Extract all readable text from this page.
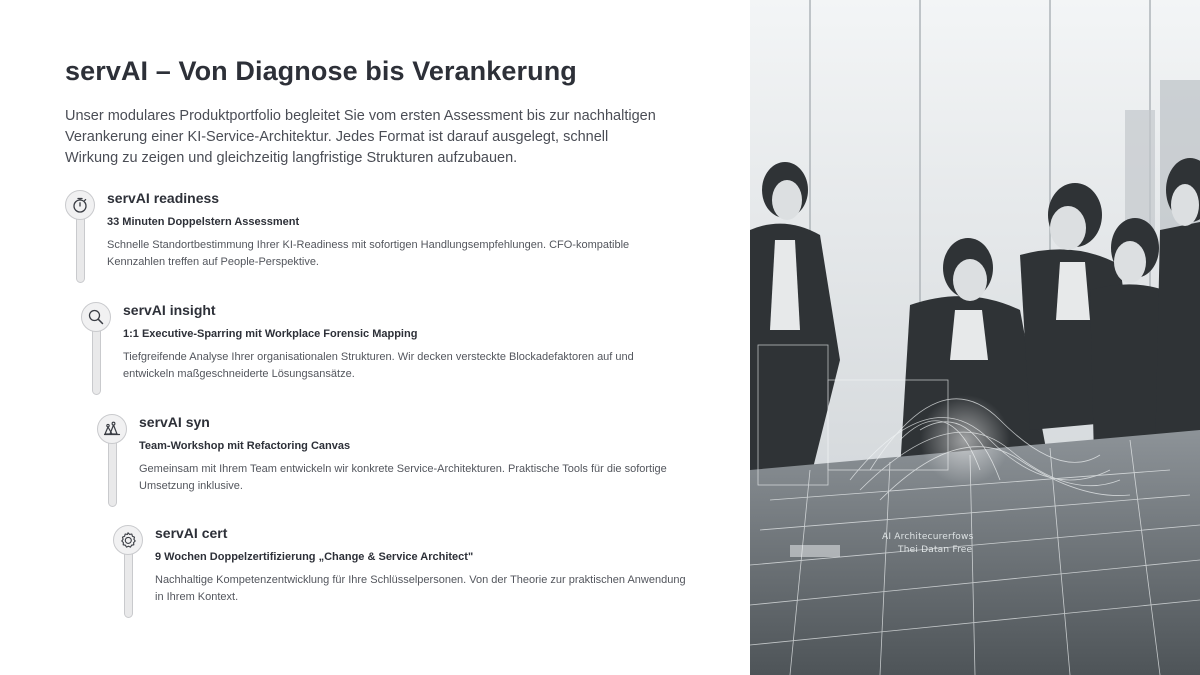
servAI – Von Diagnose bis Verankerung

Unser modulares Produktportfolio begleitet Sie vom ersten Assessment bis zur nachhaltigen Verankerung einer KI-Service-Architektur. Jedes Format ist darauf ausgelegt, schnell Wirkung zu zeigen und gleichzeitig langfristige Strukturen aufzubauen.

servAI readiness

33 Minuten Doppelstern Assessment

Schnelle Standortbestimmung Ihrer KI-Readiness mit sofortigen Handlungsempfehlungen. CFO-kompatible Kennzahlen treffen auf People-Perspektive.

servAI insight

1:1 Executive-Sparring mit Workplace Forensic Mapping

Tiefgreifende Analyse Ihrer organisationalen Strukturen. Wir decken versteckte Blockadefaktoren auf und entwickeln maßgeschneiderte Lösungsansätze.

servAI syn

Team-Workshop mit Refactoring Canvas

Gemeinsam mit Ihrem Team entwickeln wir konkrete Service-Architekturen. Praktische Tools für die sofortige Umsetzung inklusive.

servAI cert

9 Wochen Doppelzertifizierung „Change & Service Architect"

Nachhaltige Kompetenzentwicklung für Ihre Schlüsselpersonen. Von der Theorie zur praktischen Anwendung in Ihrem Kontext.

AI Architecurerfows
Thei Datan Free
